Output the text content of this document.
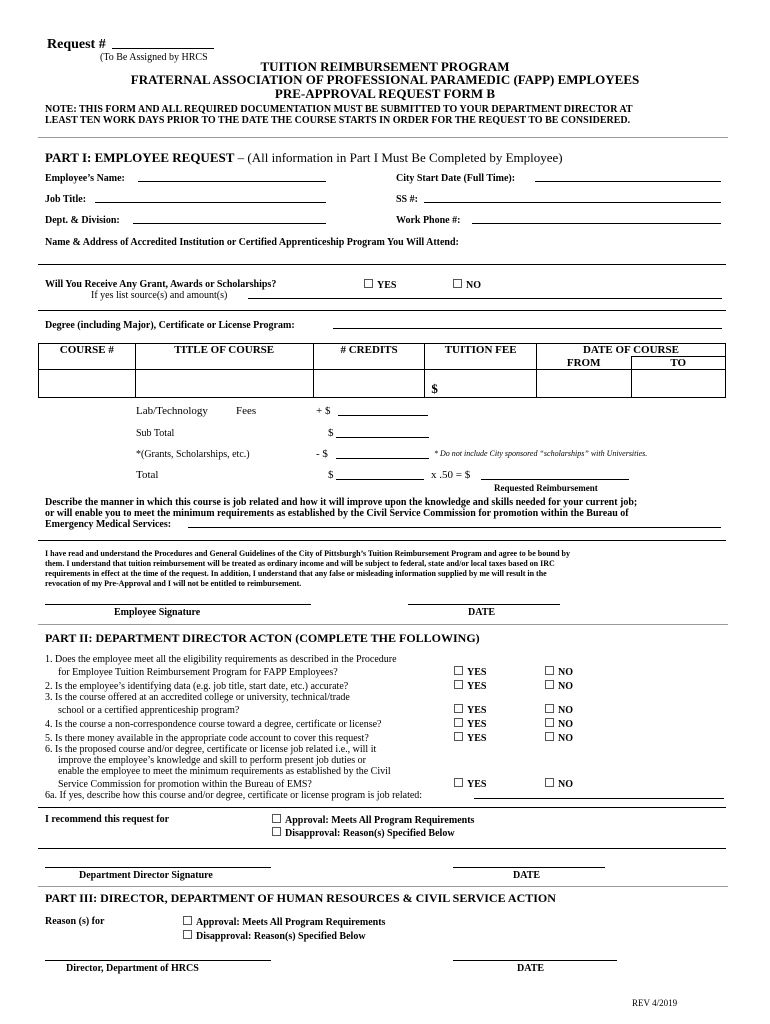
Request #
(To Be Assigned by HRCS
TUITION REIMBURSEMENT PROGRAM
FRATERNAL ASSOCIATION OF PROFESSIONAL PARAMEDIC (FAPP) EMPLOYEES
PRE-APPROVAL REQUEST FORM B
NOTE: THIS FORM AND ALL REQUIRED DOCUMENTATION MUST BE SUBMITTED TO YOUR DEPARTMENT DIRECTOR AT
LEAST TEN WORK DAYS PRIOR TO THE DATE THE COURSE STARTS IN ORDER FOR THE REQUEST TO BE CONSIDERED.
PART I: EMPLOYEE REQUEST – (All information in Part I Must Be Completed by Employee)
Employee’s Name:	City Start Date (Full Time):
Job Title:	SS #:
Dept. & Division:	Work Phone #:
Name & Address of Accredited Institution or Certified Apprenticeship Program You Will Attend:
Will You Receive Any Grant, Awards or Scholarships?	YES	NO
If yes list source(s) and amount(s)
Degree (including Major), Certificate or License Program:
COURSE #	TITLE OF COURSE	# CREDITS	TUITION FEE	DATE OF COURSE	
				FROM	TO
			$		
Lab/Technology	Fees	+ $
Sub Total	$
*(Grants, Scholarships, etc.)	- $	* Do not include City sponsored “scholarships” with Universities.
Total	$	x .50 = $
Requested Reimbursement
Describe the manner in which this course is job related and how it will improve upon the knowledge and skills needed for your current job;
or will enable you to meet the minimum requirements as established by the Civil Service Commission for promotion within the Bureau of
Emergency Medical Services:
I have read and understand the Procedures and General Guidelines of the City of Pittsburgh’s Tuition Reimbursement Program and agree to be bound by
them. I understand that tuition reimbursement will be treated as ordinary income and will be subject to federal, state and/or local taxes based on IRC
requirements in effect at the time of the request. In addition, I understand that any false or misleading information supplied by me will result in the
revocation of my Pre-Approval and I will not be entitled to reimbursement.
Employee Signature	DATE
PART II: DEPARTMENT DIRECTOR ACTON (COMPLETE THE FOLLOWING)
1. Does the employee meet all the eligibility requirements as described in the Procedure
for Employee Tuition Reimbursement Program for FAPP Employees?	YES	NO
2. Is the employee’s identifying data (e.g. job title, start date, etc.) accurate?	YES	NO
3. Is the course offered at an accredited college or university, technical/trade
school or a certified apprenticeship program?	YES	NO
4. Is the course a non-correspondence course toward a degree, certificate or license?	YES	NO
5. Is there money available in the appropriate code account to cover this request?	YES	NO
6. Is the proposed course and/or degree, certificate or license job related i.e., will it
improve the employee’s knowledge and skill to perform present job duties or
enable the employee to meet the minimum requirements as established by the Civil
Service Commission for promotion within the Bureau of EMS?	YES	NO
6a. If yes, describe how this course and/or degree, certificate or license program is job related:
I recommend this request for	Approval: Meets All Program Requirements
Disapproval: Reason(s) Specified Below
Department Director Signature	DATE
PART III: DIRECTOR, DEPARTMENT OF HUMAN RESOURCES & CIVIL SERVICE ACTION
Reason (s) for	Approval: Meets All Program Requirements
Disapproval: Reason(s) Specified Below
Director, Department of HRCS	DATE
REV 4/2019
